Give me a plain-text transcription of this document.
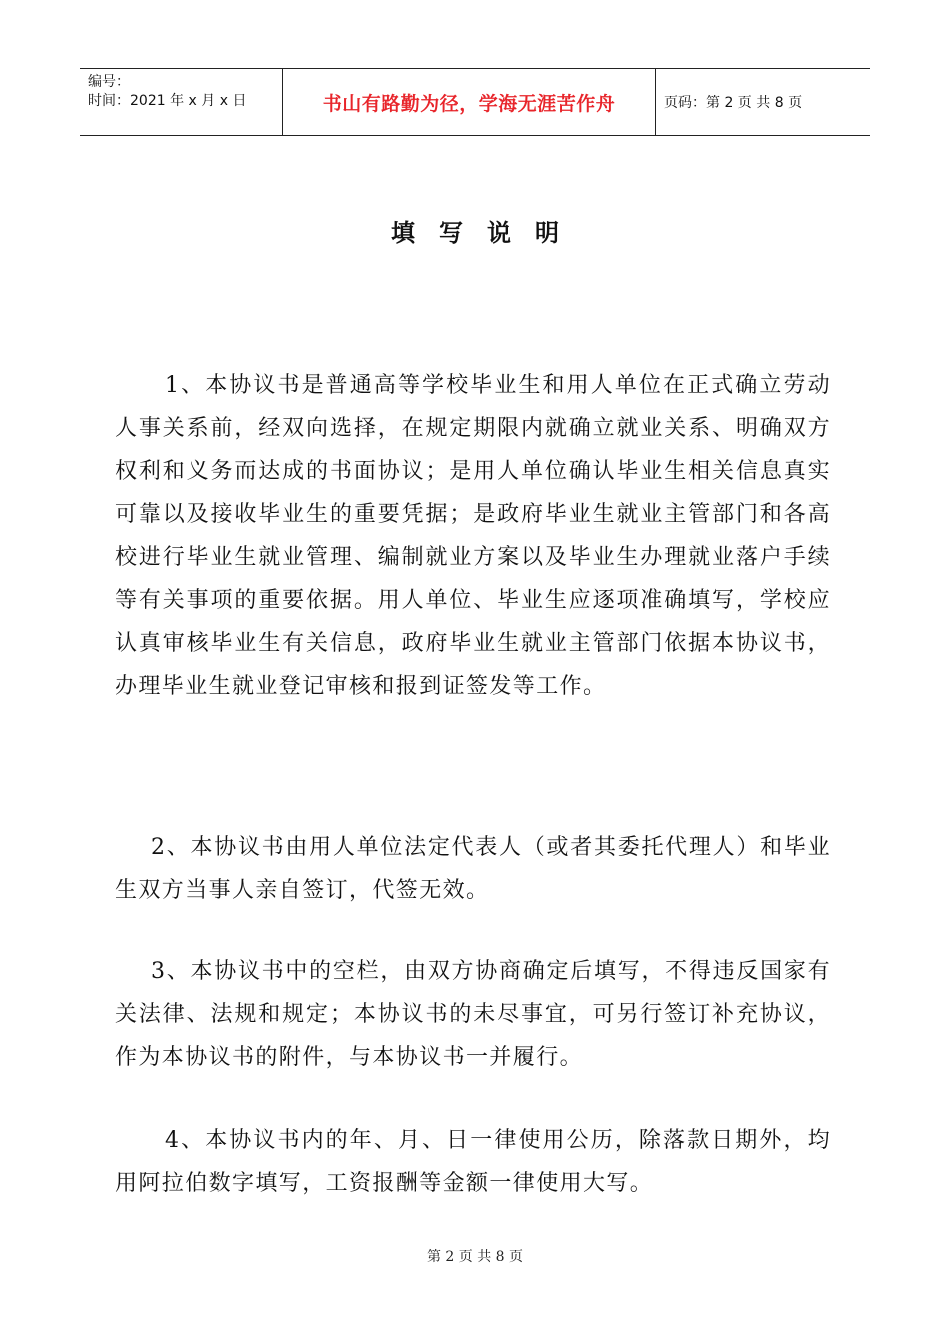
编号：
时间：2021 年 x 月 x 日	书山有路勤为径，学海无涯苦作舟	页码：第 2 页 共 8 页
填写说明

1、本协议书是普通高等学校毕业生和用人单位在正式确立劳动人事关系前，经双向选择，在规定期限内就确立就业关系、明确双方权利和义务而达成的书面协议；是用人单位确认毕业生相关信息真实可靠以及接收毕业生的重要凭据；是政府毕业生就业主管部门和各高校进行毕业生就业管理、编制就业方案以及毕业生办理就业落户手续等有关事项的重要依据。用人单位、毕业生应逐项准确填写，学校应认真审核毕业生有关信息，政府毕业生就业主管部门依据本协议书，办理毕业生就业登记审核和报到证签发等工作。

2、本协议书由用人单位法定代表人（或者其委托代理人）和毕业生双方当事人亲自签订，代签无效。

3、本协议书中的空栏，由双方协商确定后填写，不得违反国家有关法律、法规和规定；本协议书的未尽事宜，可另行签订补充协议，作为本协议书的附件，与本协议书一并履行。

4、本协议书内的年、月、日一律使用公历，除落款日期外，均用阿拉伯数字填写，工资报酬等金额一律使用大写。

第 2 页 共 8 页
